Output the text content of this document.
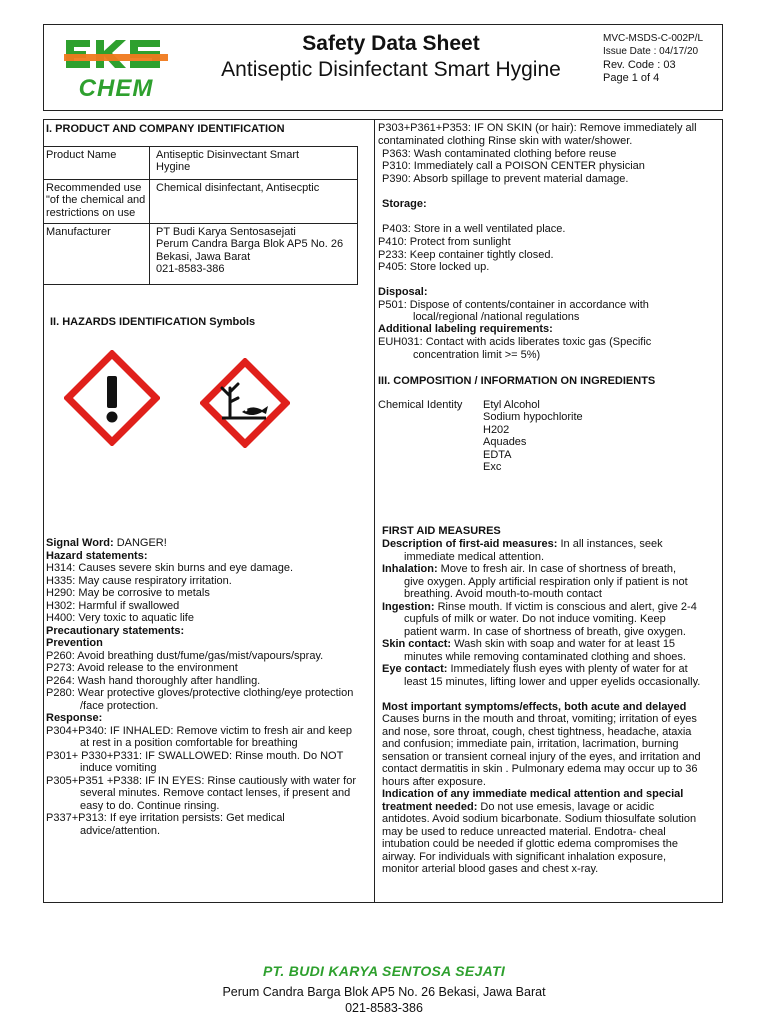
CHEM
Safety Data Sheet
Antiseptic Disinfectant Smart Hygine
MVC-MSDS-C-002P/L
Issue Date : 04/17/20
Rev. Code : 03
Page 1 of 4
I. PRODUCT AND COMPANY IDENTIFICATION
Product Name	Antiseptic Disinvectant Smart
Hygine
Recommended use
"of the chemical and
restrictions on use	Chemical disinfectant, Antisecptic
Manufacturer	PT Budi Karya Sentosasejati
Perum Candra Barga Blok AP5 No. 26
Bekasi, Jawa Barat
021-8583-386
II. HAZARDS IDENTIFICATION Symbols
Signal Word: DANGER!
Hazard statements:
H314: Causes severe skin burns and eye damage.
H335: May cause respiratory irritation.
H290: May be corrosive to metals
H302: Harmful if swallowed
H400: Very toxic to aquatic life
Precautionary statements:
Prevention
P260: Avoid breathing dust/fume/gas/mist/vapours/spray.
P273: Avoid release to the environment
P264: Wash hand thoroughly after handling.
P280: Wear protective gloves/protective clothing/eye protection
/face protection.
Response:
P304+P340: IF INHALED: Remove victim to fresh air and keep
at rest in a position comfortable for breathing
P301+ P330+P331: IF SWALLOWED: Rinse mouth. Do NOT
induce vomiting
P305+P351 +P338: IF IN EYES: Rinse cautiously with water for
several minutes. Remove contact lenses, if present and
easy to do. Continue rinsing.
P337+P313: If eye irritation persists: Get medical
advice/attention.
P303+P361+P353: IF ON SKIN (or hair): Remove immediately all
contaminated clothing Rinse skin with water/shower.
P363: Wash contaminated clothing before reuse
P310: Immediately call a POISON CENTER physician
P390: Absorb spillage to prevent material damage.
Storage:
P403: Store in a well ventilated place.
P410: Protect from sunlight
P233: Keep container tightly closed.
P405: Store locked up.
Disposal:
P501: Dispose of contents/container in accordance with
local/regional /national regulations
Additional labeling requirements:
EUH031: Contact with acids liberates toxic gas (Specific
concentration limit >= 5%)
III. COMPOSITION / INFORMATION ON INGREDIENTS
Chemical Identity Etyl Alcohol
Sodium hypochlorite
H202
Aquades
EDTA
Exc
FIRST AID MEASURES
Description of first-aid measures: In all instances, seek
immediate medical attention.
Inhalation: Move to fresh air. In case of shortness of breath,
give oxygen. Apply artificial respiration only if patient is not
breathing. Avoid mouth-to-mouth contact
Ingestion: Rinse mouth. If victim is conscious and alert, give 2-4
cupfuls of milk or water. Do not induce vomiting. Keep
patient warm. In case of shortness of breath, give oxygen.
Skin contact: Wash skin with soap and water for at least 15
minutes while removing contaminated clothing and shoes.
Eye contact: Immediately flush eyes with plenty of water for at
least 15 minutes, lifting lower and upper eyelids occasionally.
Most important symptoms/effects, both acute and delayed
Causes burns in the mouth and throat, vomiting; irritation of eyes
and nose, sore throat, cough, chest tightness, headache, ataxia
and confusion; immediate pain, irritation, lacrimation, burning
sensation or transient corneal injury of the eyes, and irritation and
contact dermatitis in skin . Pulmonary edema may occur up to 36
hours after exposure.
Indication of any immediate medical attention and special
treatment needed: Do not use emesis, lavage or acidic
antidotes. Avoid sodium bicarbonate. Sodium thiosulfate solution
may be used to reduce unreacted material. Endotra- cheal
intubation could be needed if glottic edema compromises the
airway. For individuals with significant inhalation exposure,
monitor arterial blood gases and chest x-ray.
PT. BUDI KARYA SENTOSA SEJATI
Perum Candra Barga Blok AP5 No. 26 Bekasi, Jawa Barat
021-8583-386
